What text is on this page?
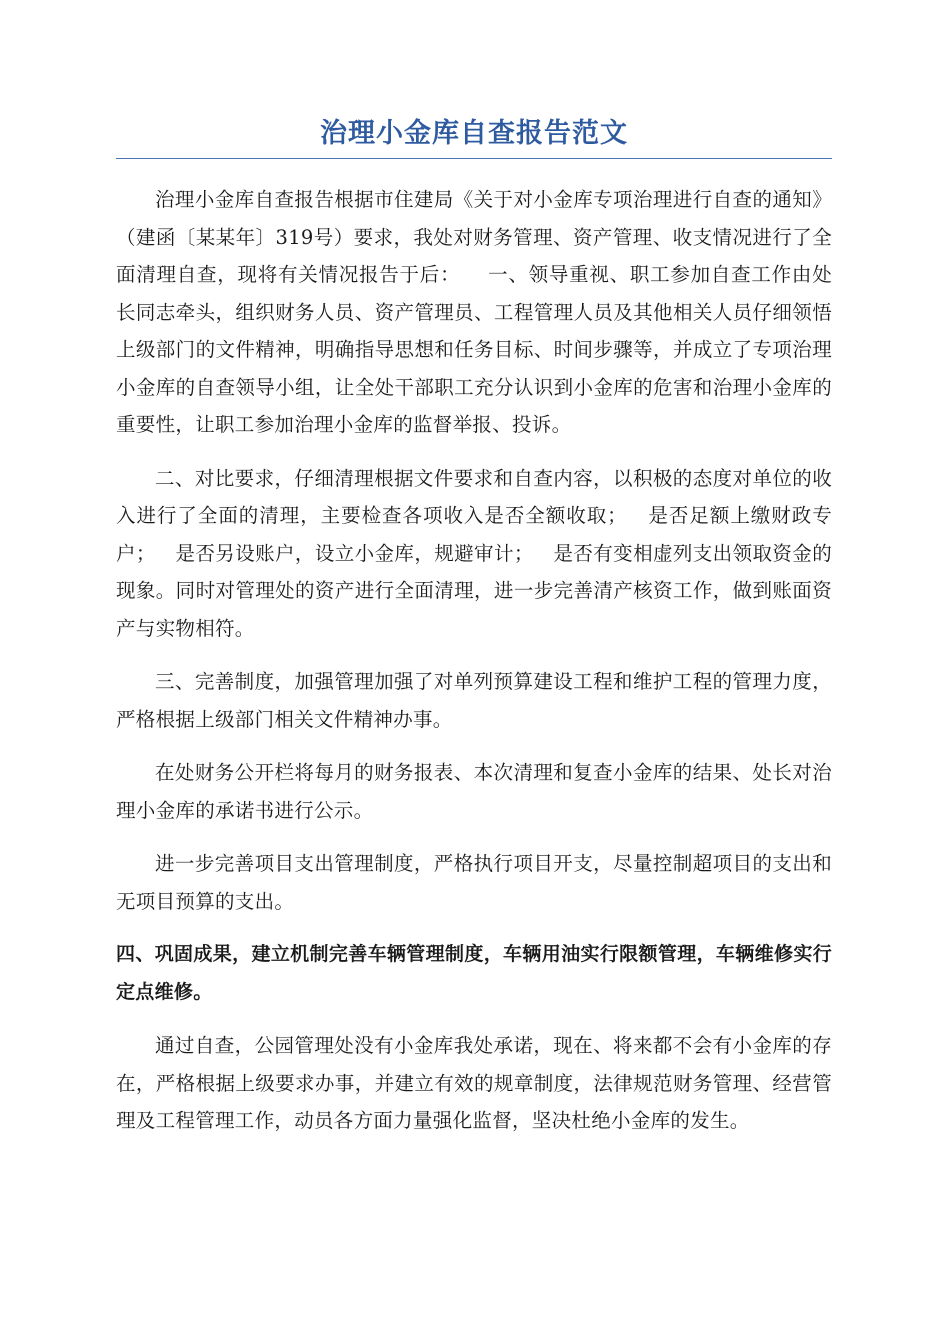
治理小金库自查报告范文

治理小金库自查报告根据市住建局《关于对小金库专项治理进行自查的通知》（建函〔某某年〕319号）要求，我处对财务管理、资产管理、收支情况进行了全面清理自查，现将有关情况报告于后：    一、领导重视、职工参加自查工作由处长同志牵头，组织财务人员、资产管理员、工程管理人员及其他相关人员仔细领悟上级部门的文件精神，明确指导思想和任务目标、时间步骤等，并成立了专项治理小金库的自查领导小组，让全处干部职工充分认识到小金库的危害和治理小金库的重要性，让职工参加治理小金库的监督举报、投诉。

二、对比要求，仔细清理根据文件要求和自查内容，以积极的态度对单位的收入进行了全面的清理，主要检查各项收入是否全额收取；   是否足额上缴财政专户；   是否另设账户，设立小金库，规避审计；   是否有变相虚列支出领取资金的现象。同时对管理处的资产进行全面清理，进一步完善清产核资工作，做到账面资产与实物相符。

三、完善制度，加强管理加强了对单列预算建设工程和维护工程的管理力度，严格根据上级部门相关文件精神办事。

在处财务公开栏将每月的财务报表、本次清理和复查小金库的结果、处长对治理小金库的承诺书进行公示。

进一步完善项目支出管理制度，严格执行项目开支，尽量控制超项目的支出和无项目预算的支出。

四、巩固成果，建立机制完善车辆管理制度，车辆用油实行限额管理，车辆维修实行定点维修。

通过自查，公园管理处没有小金库我处承诺，现在、将来都不会有小金库的存在，严格根据上级要求办事，并建立有效的规章制度，法律规范财务管理、经营管理及工程管理工作，动员各方面力量强化监督，坚决杜绝小金库的发生。
